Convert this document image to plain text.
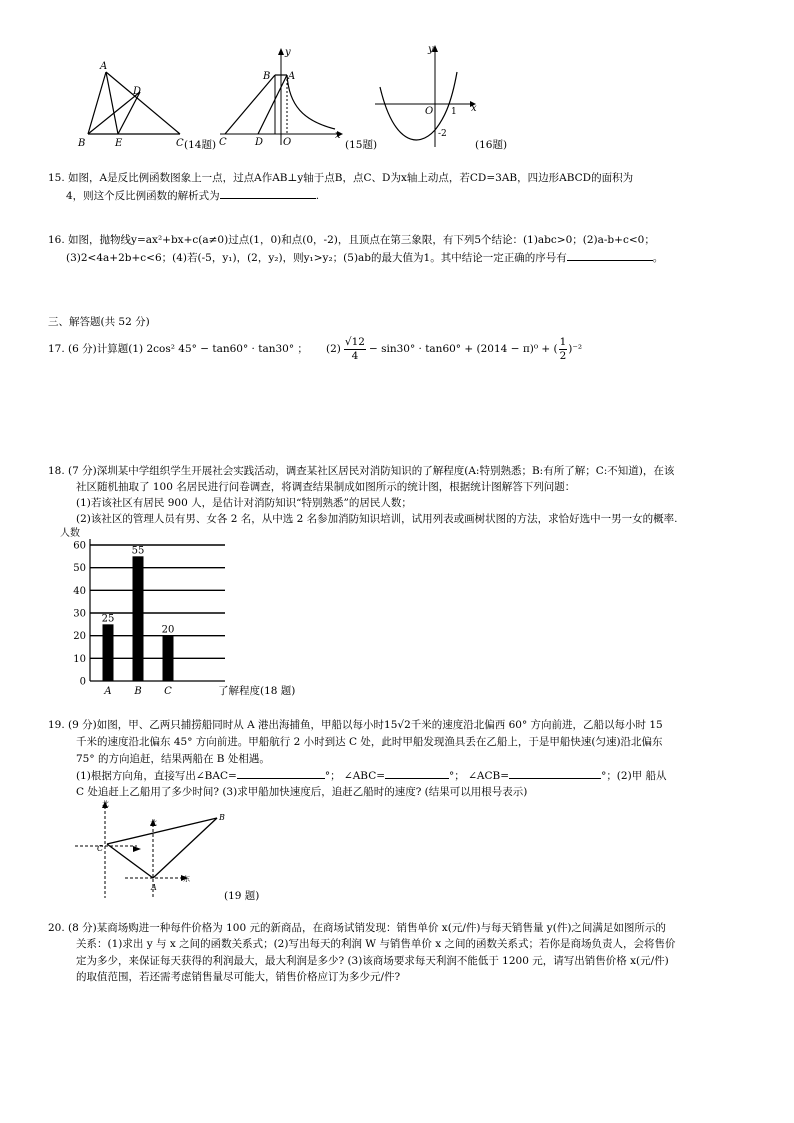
A
D
B	E	C (14题)
y
x
B A
C	D O	(15题)
y
x
O 1
-2
(16题)
15. 如图，A是反比例函数图象上一点，过点A作AB⊥y轴于点B，点C、D为x轴上动点，若CD=3AB，四边形ABCD的面积为
4，则这个反比例函数的解析式为	.
16. 如图，抛物线y=ax²+bx+c(a≠0)过点(1，0)和点(0，-2)，且顶点在第三象限，有下列5个结论：(1)abc>0；(2)a-b+c<0；
(3)2<4a+2b+c<6；(4)若(-5，y₁)，(2，y₂)，则y₁>y₂；(5)ab的最大值为1。其中结论一定正确的序号有	。
三、解答题(共 52 分)
17. (6 分)计算题(1) 2cos² 45° − tan60° · tan30° ； (2)
√12
4
− sin30° · tan60° + (2014 − π)⁰ + (
1
2
)⁻²
18. (7 分)深圳某中学组织学生开展社会实践活动，调查某社区居民对消防知识的了解程度(A:特别熟悉；B:有所了解；C:不知道)，在该
社区随机抽取了 100 名居民进行问卷调查，将调查结果制成如图所示的统计图，根据统计图解答下列问题：
(1)若该社区有居民 900 人，是估计对消防知识“特别熟悉”的居民人数；
(2)该社区的管理人员有男、女各 2 名，从中选 2 名参加消防知识培训，试用列表或画树状图的方法，求恰好选中一男一女的概率.
人数
0
10
20
30
40
50
60
25
A
55
B
20
C	了解程度(18 题)
19. (9 分)如图，甲、乙两只捕捞船同时从 A 港出海捕鱼，甲船以每小时15√2千米的速度沿北偏西 60° 方向前进，乙船以每小时 15
千米的速度沿北偏东 45° 方向前进。甲船航行 2 小时到达 C 处，此时甲船发现渔具丢在乙船上，于是甲船快速(匀速)沿北偏东
75° 的方向追赶，结果两船在 B 处相遇。
(1)根据方向角，直接写出∠BAC=	°； ∠ABC=	°； ∠ACB=	°；(2)甲 船从
C 处追赶上乙船用了多少时间? (3)求甲船加快速度后，追赶乙船时的速度? (结果可以用根号表示)
北
北
B
C
A
东
(19 题)
20. (8 分)某商场购进一种每件价格为 100 元的新商品，在商场试销发现：销售单价 x(元/件)与每天销售量 y(件)之间满足如图所示的
关系：(1)求出 y 与 x 之间的函数关系式；(2)写出每天的利润 W 与销售单价 x 之间的函数关系式；若你是商场负责人，会将售价
定为多少，来保证每天获得的利润最大，最大利润是多少? (3)该商场要求每天利润不能低于 1200 元，请写出销售价格 x(元/件)
的取值范围，若还需考虑销售量尽可能大，销售价格应订为多少元/件?
